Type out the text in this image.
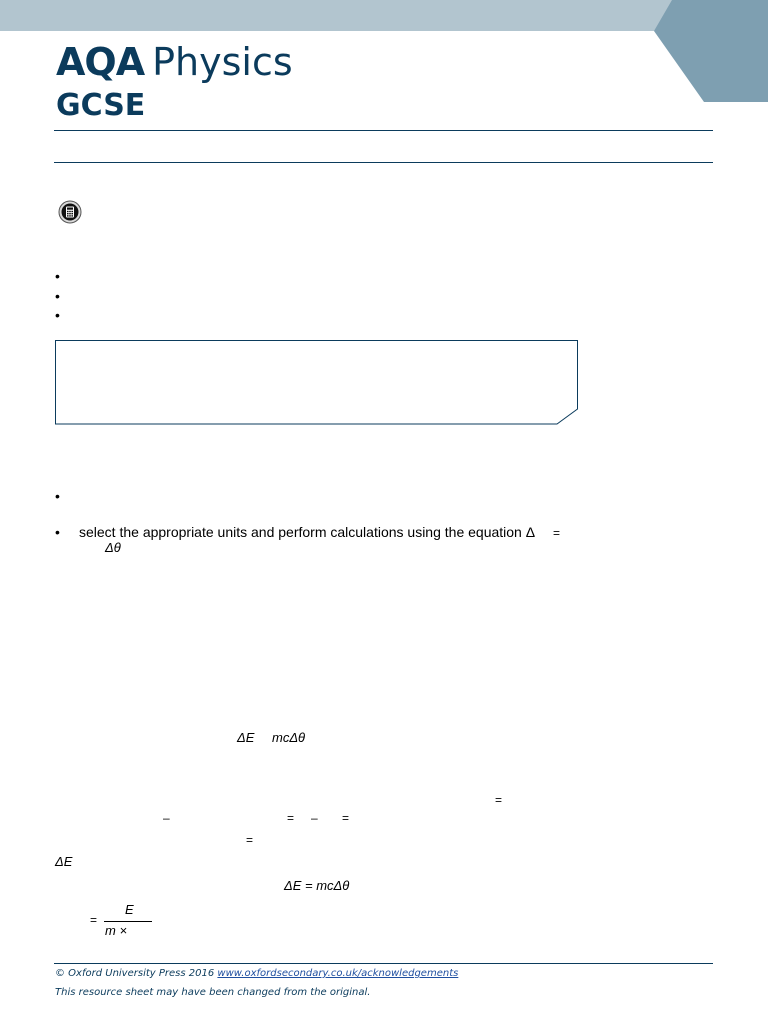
AQA Physics
GCSE
•
•
•
•
• select the appropriate units and perform calculations using the equation Δ =
Δθ
ΔE mcΔθ
=
–	= – =
=
ΔE
ΔE = mcΔθ
=
E
m ×
© Oxford University Press 2016 www.oxfordsecondary.co.uk/acknowledgements
This resource sheet may have been changed from the original.
